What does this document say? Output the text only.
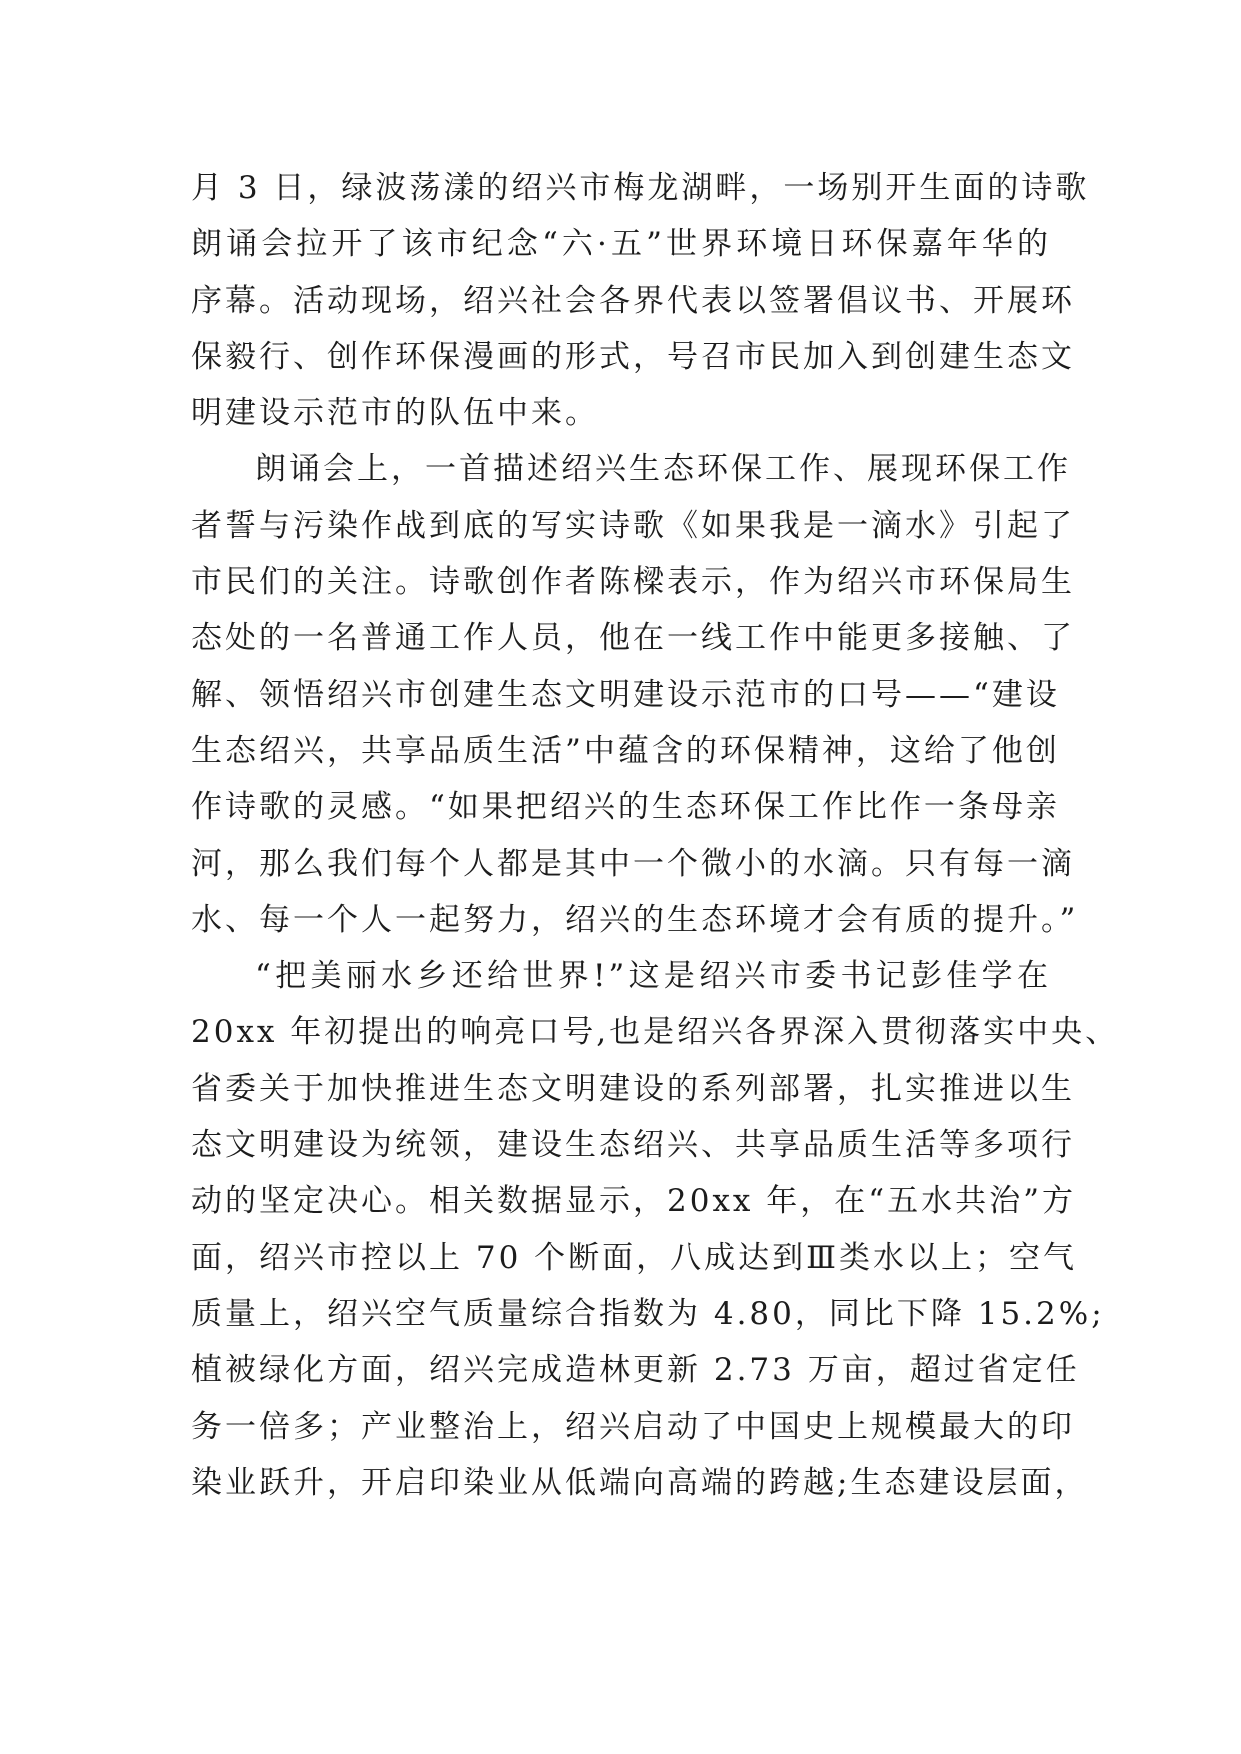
月 3 日，绿波荡漾的绍兴市梅龙湖畔，一场别开生面的诗歌
朗诵会拉开了该市纪念“六·五”世界环境日环保嘉年华的
序幕。活动现场，绍兴社会各界代表以签署倡议书、开展环
保毅行、创作环保漫画的形式，号召市民加入到创建生态文
明建设示范市的队伍中来。
朗诵会上，一首描述绍兴生态环保工作、展现环保工作
者誓与污染作战到底的写实诗歌《如果我是一滴水》引起了
市民们的关注。诗歌创作者陈樑表示，作为绍兴市环保局生
态处的一名普通工作人员，他在一线工作中能更多接触、了
解、领悟绍兴市创建生态文明建设示范市的口号——“建设
生态绍兴，共享品质生活”中蕴含的环保精神，这给了他创
作诗歌的灵感。“如果把绍兴的生态环保工作比作一条母亲
河，那么我们每个人都是其中一个微小的水滴。只有每一滴
水、每一个人一起努力，绍兴的生态环境才会有质的提升。”
“把美丽水乡还给世界!”这是绍兴市委书记彭佳学在
20xx 年初提出的响亮口号,也是绍兴各界深入贯彻落实中央、
省委关于加快推进生态文明建设的系列部署，扎实推进以生
态文明建设为统领，建设生态绍兴、共享品质生活等多项行
动的坚定决心。相关数据显示，20xx 年，在“五水共治”方
面，绍兴市控以上 70 个断面，八成达到Ⅲ类水以上；空气
质量上，绍兴空气质量综合指数为 4.80，同比下降 15.2%;
植被绿化方面，绍兴完成造林更新 2.73 万亩，超过省定任
务一倍多；产业整治上，绍兴启动了中国史上规模最大的印
染业跃升，开启印染业从低端向高端的跨越;生态建设层面，
